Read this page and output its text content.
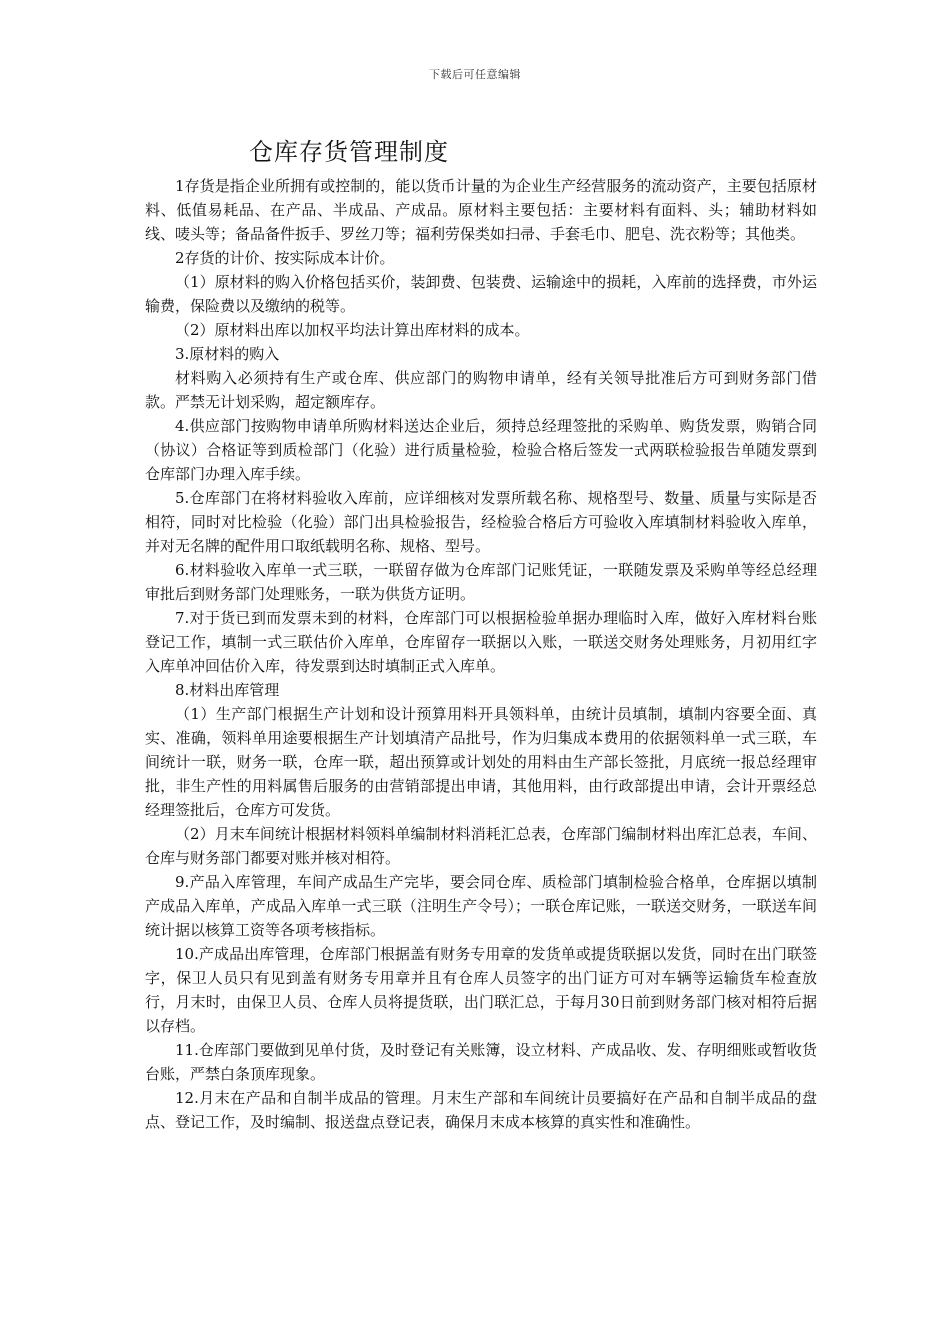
下载后可任意编辑
仓库存货管理制度

1存货是指企业所拥有或控制的，能以货币计量的为企业生产经营服务的流动资产，主要包括原材料、低值易耗品、在产品、半成品、产成品。原材料主要包括：主要材料有面料、头；辅助材料如线、唛头等；备品备件扳手、罗丝刀等；福利劳保类如扫帚、手套毛巾、肥皂、洗衣粉等；其他类。

2存货的计价、按实际成本计价。

（1）原材料的购入价格包括买价，装卸费、包装费、运输途中的损耗，入库前的选择费，市外运输费，保险费以及缴纳的税等。

（2）原材料出库以加权平均法计算出库材料的成本。

3.原材料的购入

材料购入必须持有生产或仓库、供应部门的购物申请单，经有关领导批准后方可到财务部门借款。严禁无计划采购，超定额库存。

4.供应部门按购物申请单所购材料送达企业后，须持总经理签批的采购单、购货发票，购销合同（协议）合格证等到质检部门（化验）进行质量检验，检验合格后签发一式两联检验报告单随发票到仓库部门办理入库手续。

5.仓库部门在将材料验收入库前，应详细核对发票所载名称、规格型号、数量、质量与实际是否相符，同时对比检验（化验）部门出具检验报告，经检验合格后方可验收入库填制材料验收入库单，并对无名牌的配件用口取纸载明名称、规格、型号。

6.材料验收入库单一式三联，一联留存做为仓库部门记账凭证，一联随发票及采购单等经总经理审批后到财务部门处理账务，一联为供货方证明。

7.对于货已到而发票未到的材料，仓库部门可以根据检验单据办理临时入库，做好入库材料台账登记工作，填制一式三联估价入库单，仓库留存一联据以入账，一联送交财务处理账务，月初用红字入库单冲回估价入库，待发票到达时填制正式入库单。

8.材料出库管理

（1）生产部门根据生产计划和设计预算用料开具领料单，由统计员填制，填制内容要全面、真实、准确，领料单用途要根据生产计划填清产品批号，作为归集成本费用的依据领料单一式三联，车间统计一联，财务一联，仓库一联，超出预算或计划处的用料由生产部长签批，月底统一报总经理审批，非生产性的用料属售后服务的由营销部提出申请，其他用料，由行政部提出申请，会计开票经总经理签批后，仓库方可发货。

（2）月末车间统计根据材料领料单编制材料消耗汇总表，仓库部门编制材料出库汇总表，车间、仓库与财务部门都要对账并核对相符。

9.产品入库管理，车间产成品生产完毕，要会同仓库、质检部门填制检验合格单，仓库据以填制产成品入库单，产成品入库单一式三联（注明生产令号）；一联仓库记账，一联送交财务，一联送车间统计据以核算工资等各项考核指标。

10.产成品出库管理，仓库部门根据盖有财务专用章的发货单或提货联据以发货，同时在出门联签字，保卫人员只有见到盖有财务专用章并且有仓库人员签字的出门证方可对车辆等运输货车检查放行，月末时，由保卫人员、仓库人员将提货联，出门联汇总，于每月30日前到财务部门核对相符后据以存档。

11.仓库部门要做到见单付货，及时登记有关账簿，设立材料、产成品收、发、存明细账或暂收货台账，严禁白条顶库现象。

12.月末在产品和自制半成品的管理。月末生产部和车间统计员要搞好在产品和自制半成品的盘点、登记工作，及时编制、报送盘点登记表，确保月末成本核算的真实性和准确性。
